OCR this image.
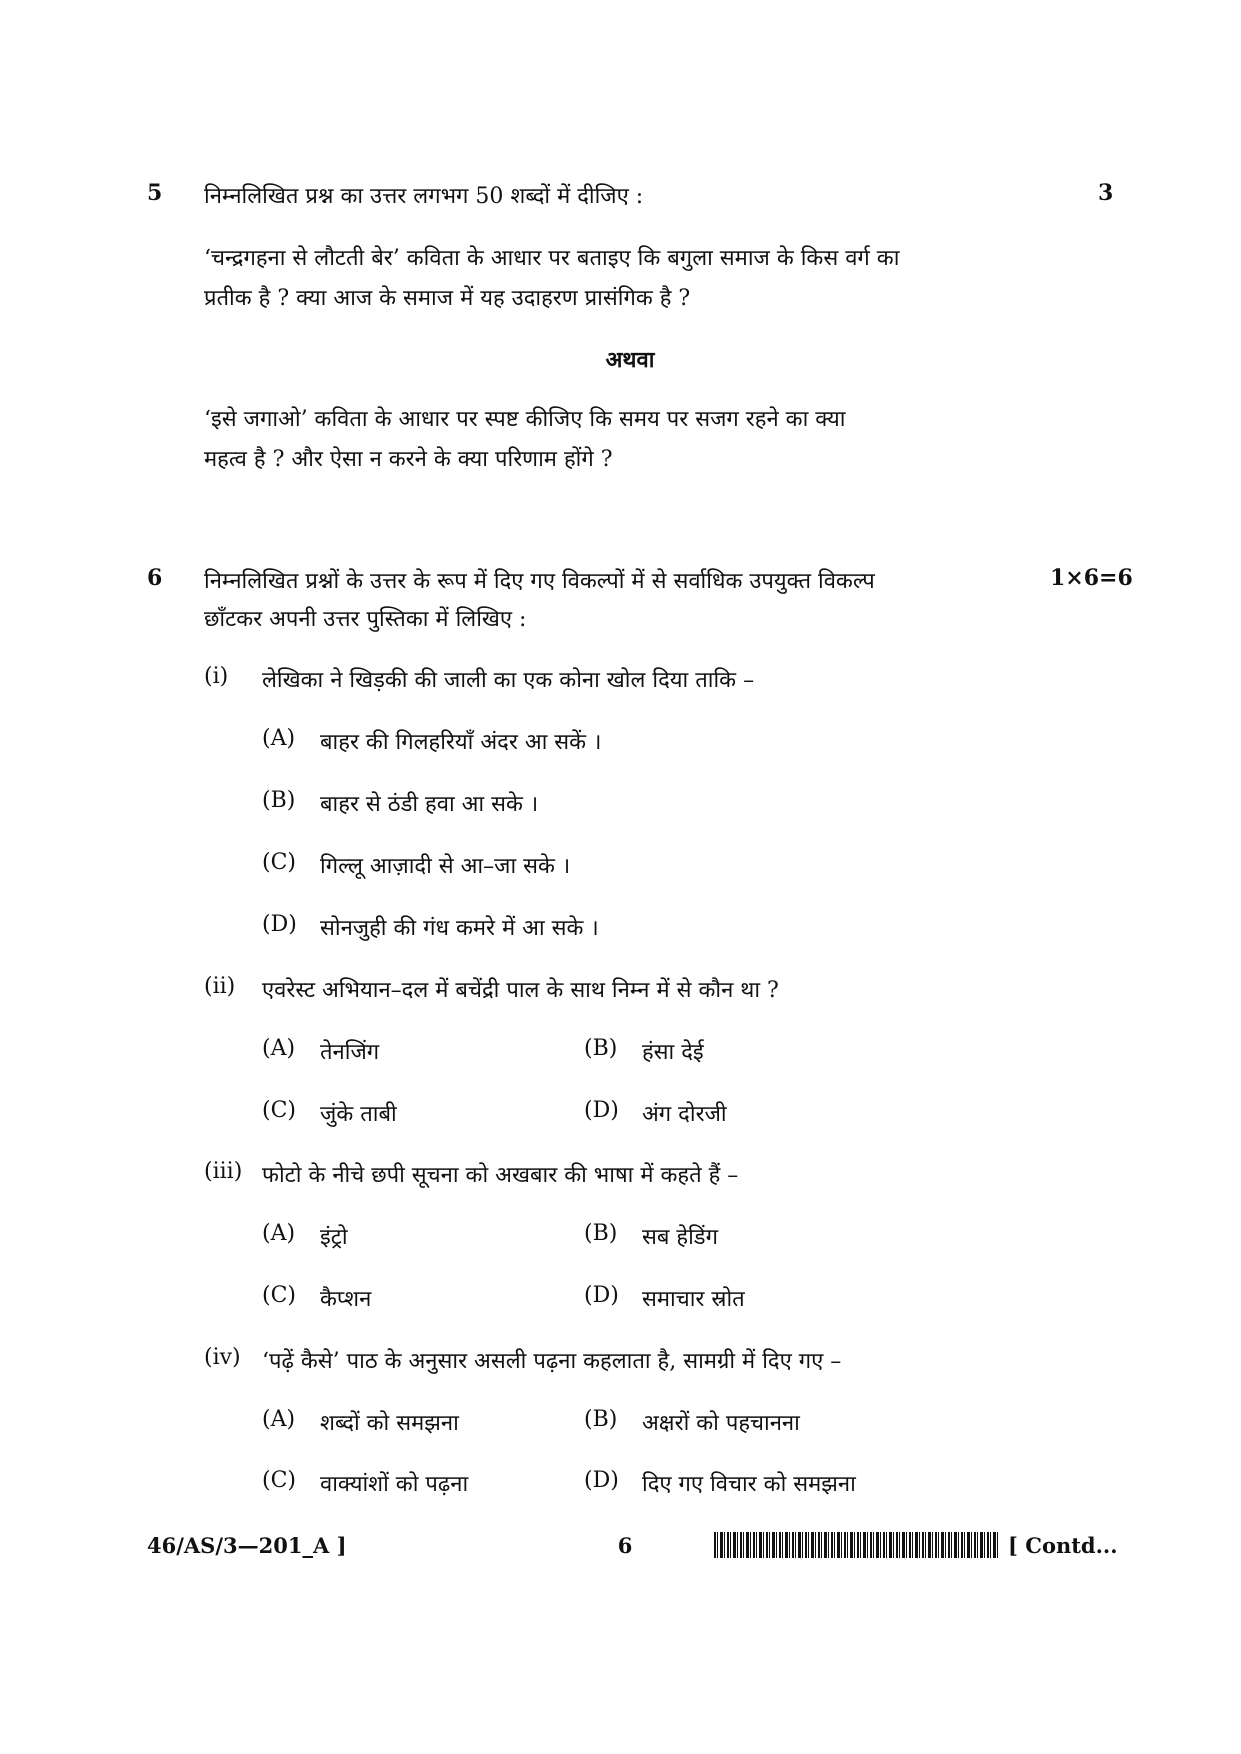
5 निम्नलिखित प्रश्न का उत्तर लगभग 50 शब्दों में दीजिए :	3
‘चन्द्रगहना से लौटती बेर’ कविता के आधार पर बताइए कि बगुला समाज के किस वर्ग का
प्रतीक है ? क्या आज के समाज में यह उदाहरण प्रासंगिक है ?
अथवा
‘इसे जगाओ’ कविता के आधार पर स्पष्ट कीजिए कि समय पर सजग रहने का क्या
महत्व है ? और ऐसा न करने के क्या परिणाम होंगे ?
6 निम्नलिखित प्रश्नों के उत्तर के रूप में दिए गए विकल्पों में से सर्वाधिक उपयुक्त विकल्प	1×6=6
छाँटकर अपनी उत्तर पुस्तिका में लिखिए :
(i) लेखिका ने खिड़की की जाली का एक कोना खोल दिया ताकि –
(A) बाहर की गिलहरियाँ अंदर आ सकें ।
(B) बाहर से ठंडी हवा आ सके ।
(C) गिल्लू आज़ादी से आ–जा सके ।
(D) सोनजुही की गंध कमरे में आ सके ।
(ii) एवरेस्ट अभियान–दल में बचेंद्री पाल के साथ निम्न में से कौन था ?
(A) तेनजिंग	(B) हंसा देई
(C) जुंके ताबी	(D) अंग दोरजी
(iii) फोटो के नीचे छपी सूचना को अखबार की भाषा में कहते हैं –
(A) इंट्रो	(B) सब हेडिंग
(C) कैप्शन	(D) समाचार स्रोत
(iv) ‘पढ़ें कैसे’ पाठ के अनुसार असली पढ़ना कहलाता है, सामग्री में दिए गए –
(A) शब्दों को समझना	(B) अक्षरों को पहचानना
(C) वाक्यांशों को पढ़ना	(D) दिए गए विचार को समझना
46/AS/3—201_A ]	6	[ Contd...
